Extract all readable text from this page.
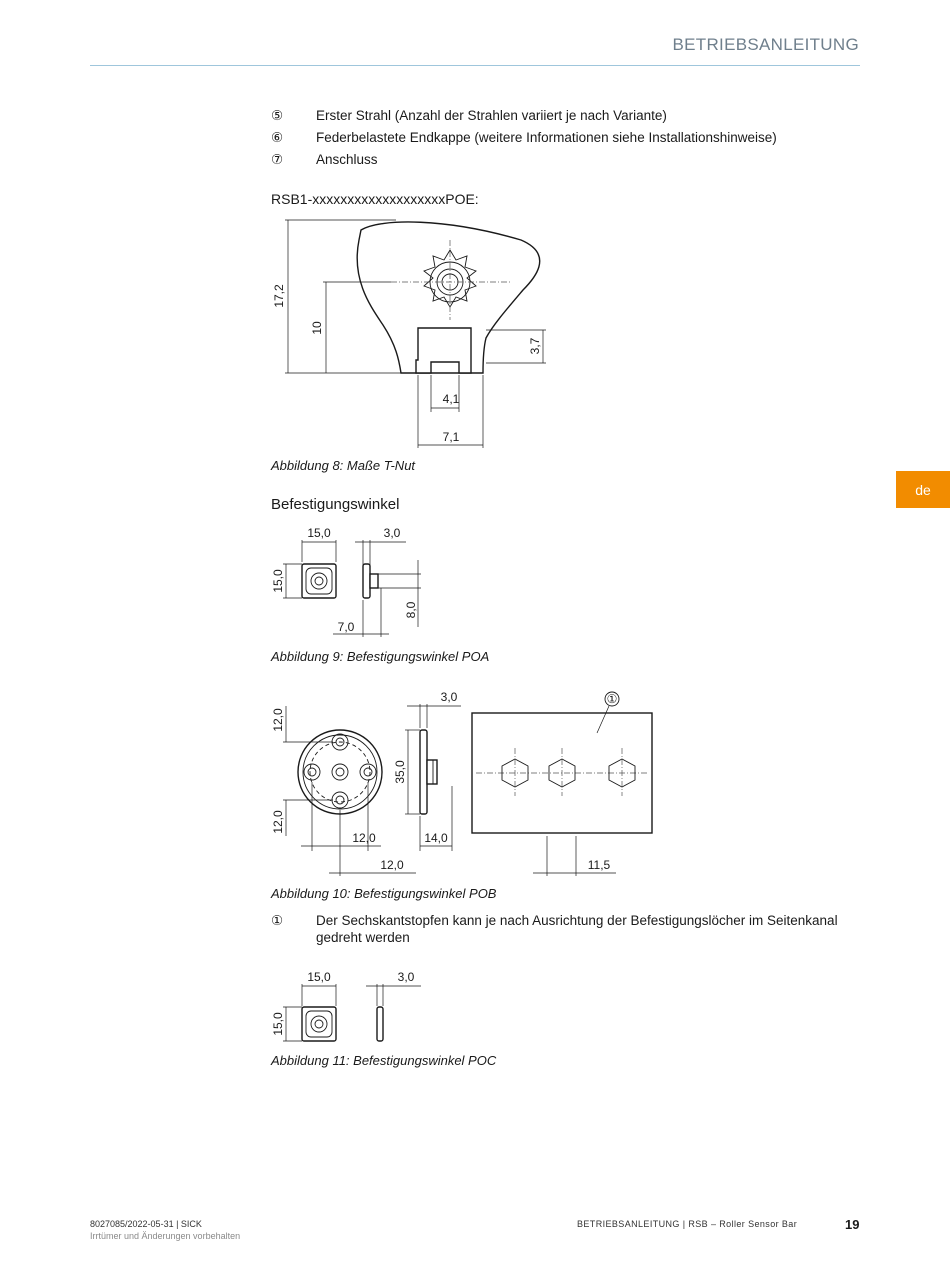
BETRIEBSANLEITUNG
de
⑤	Erster Strahl (Anzahl der Strahlen variiert je nach Variante)
⑥	Federbelastete Endkappe (weitere Informationen siehe Installationshinweise)
⑦	Anschluss
RSB1-xxxxxxxxxxxxxxxxxxxPOE:
17,2
10
3,7
4,1
7,1
Abbildung 8: Maße T-Nut
Befestigungswinkel
15,0	3,0
15,0
8,0
7,0
Abbildung 9: Befestigungswinkel POA
12,0
12,0
12,0
12,0
35,0
3,0
14,0
①
11,5
Abbildung 10: Befestigungswinkel POB
①	Der Sechskantstopfen kann je nach Ausrichtung der Befestigungslöcher im Seitenkanal gedreht werden
15,0	3,0
15,0
Abbildung 11: Befestigungswinkel POC
8027085/2022-05-31 | SICK
Irrtümer und Änderungen vorbehalten
BETRIEBSANLEITUNG | RSB – Roller Sensor Bar	19
